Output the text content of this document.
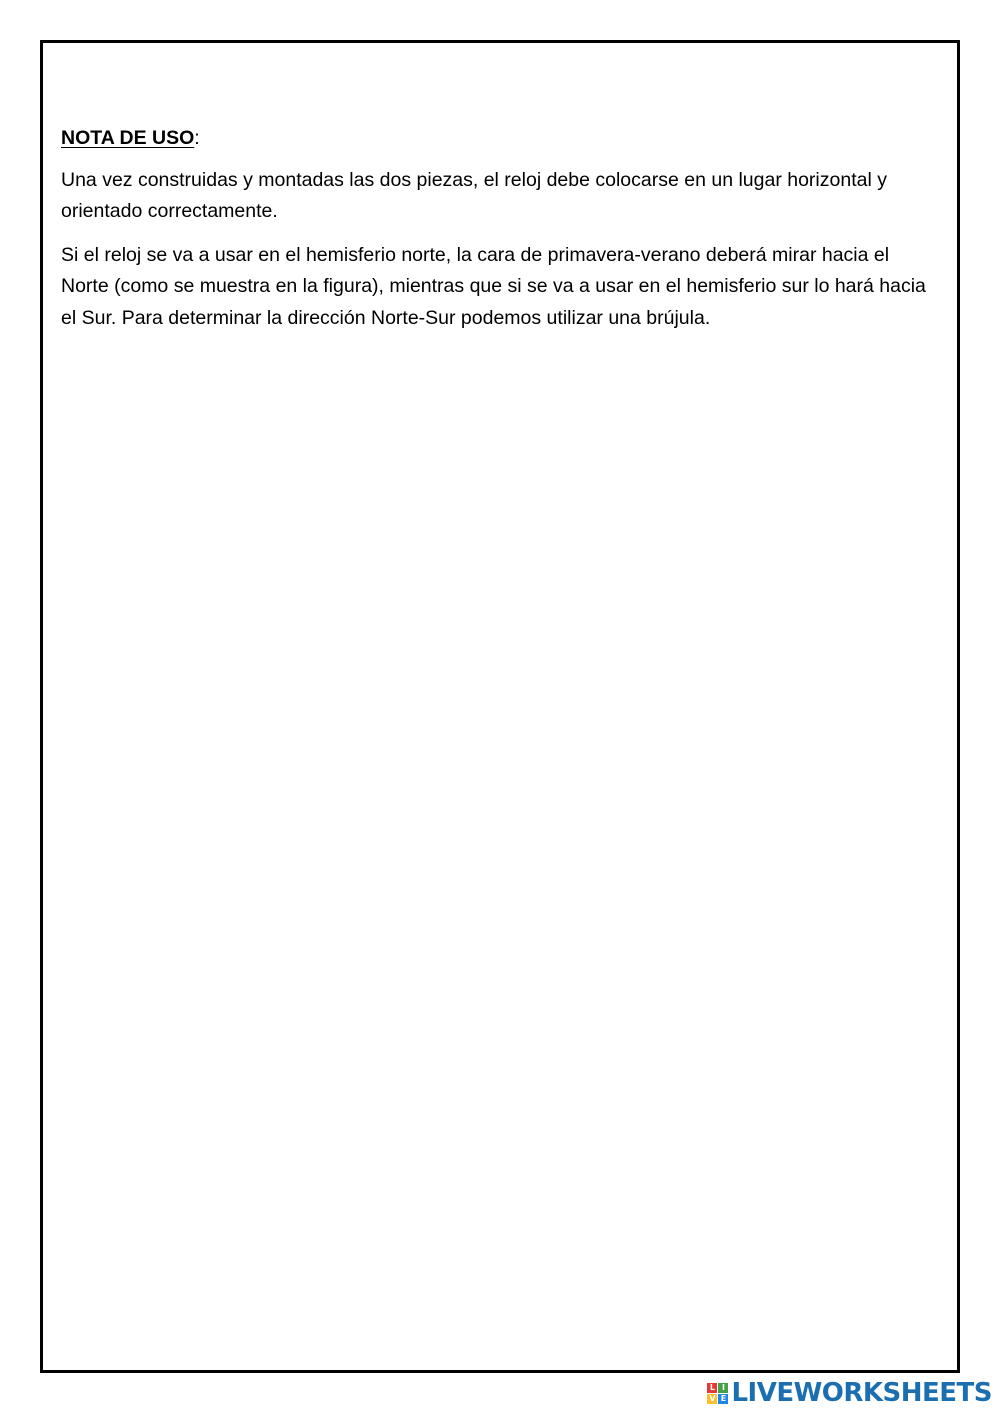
NOTA DE USO:

Una vez construidas y montadas las dos piezas, el reloj debe colocarse en un lugar horizontal y orientado correctamente.

Si el reloj se va a usar en el hemisferio norte, la cara de primavera-verano deberá mirar hacia el Norte (como se muestra en la figura), mientras que si se va a usar en el hemisferio sur lo hará hacia el Sur. Para determinar la dirección Norte-Sur podemos utilizar una brújula.

L I
V E LIVEWORKSHEETS
